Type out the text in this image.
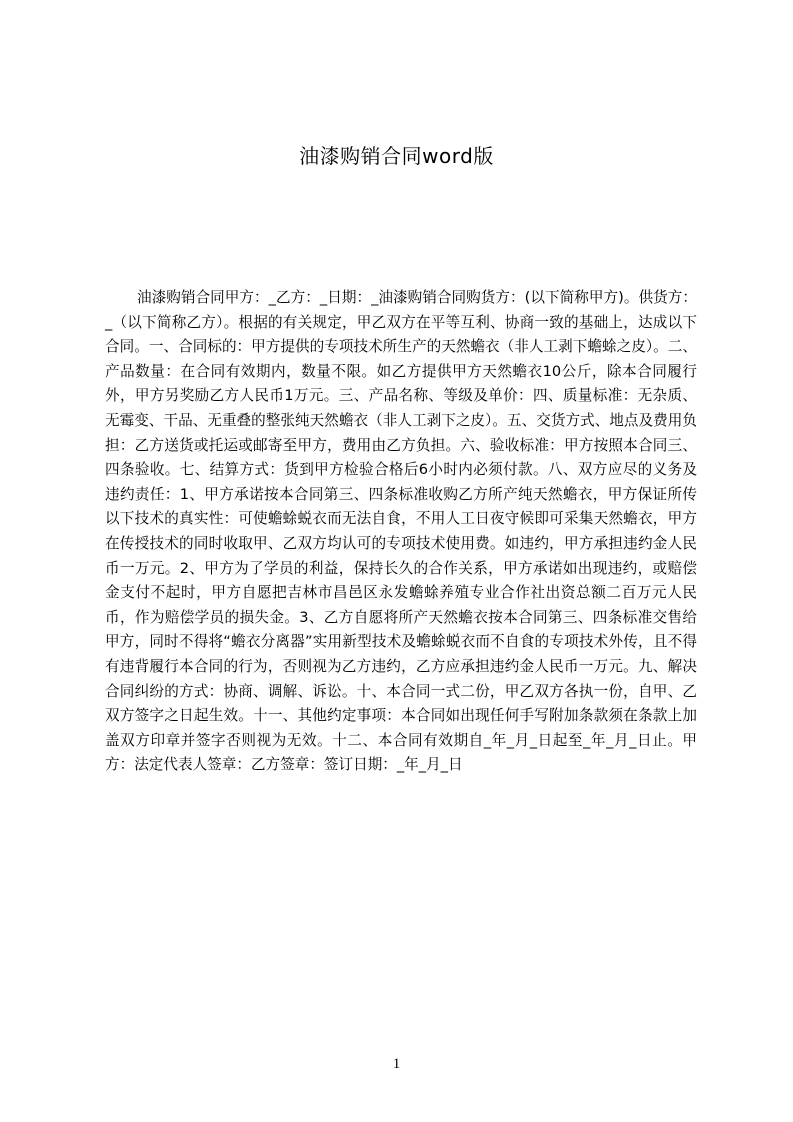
油漆购销合同word版
油漆购销合同甲方：_乙方：_日期：_油漆购销合同购货方：(以下简称甲方)。供货方：_（以下简称乙方）。根据的有关规定，甲乙双方在平等互利、协商一致的基础上，达成以下合同。一、合同标的：甲方提供的专项技术所生产的天然蟾衣（非人工剥下蟾蜍之皮）。二、产品数量：在合同有效期内，数量不限。如乙方提供甲方天然蟾衣10公斤，除本合同履行外，甲方另奖励乙方人民币1万元。三、产品名称、等级及单价：四、质量标准：无杂质、无霉变、干品、无重叠的整张纯天然蟾衣（非人工剥下之皮）。五、交货方式、地点及费用负担：乙方送货或托运或邮寄至甲方，费用由乙方负担。六、验收标准：甲方按照本合同三、四条验收。七、结算方式：货到甲方检验合格后6小时内必须付款。八、双方应尽的义务及违约责任：1、甲方承诺按本合同第三、四条标准收购乙方所产纯天然蟾衣，甲方保证所传以下技术的真实性：可使蟾蜍蜕衣而无法自食，不用人工日夜守候即可采集天然蟾衣，甲方在传授技术的同时收取甲、乙双方均认可的专项技术使用费。如违约，甲方承担违约金人民币一万元。2、甲方为了学员的利益，保持长久的合作关系，甲方承诺如出现违约，或赔偿金支付不起时，甲方自愿把吉林市昌邑区永发蟾蜍养殖专业合作社出资总额二百万元人民币，作为赔偿学员的损失金。3、乙方自愿将所产天然蟾衣按本合同第三、四条标准交售给甲方，同时不得将“蟾衣分离器”实用新型技术及蟾蜍蜕衣而不自食的专项技术外传，且不得有违背履行本合同的行为，否则视为乙方违约，乙方应承担违约金人民币一万元。九、解决合同纠纷的方式：协商、调解、诉讼。十、本合同一式二份，甲乙双方各执一份，自甲、乙双方签字之日起生效。十一、其他约定事项：本合同如出现任何手写附加条款须在条款上加盖双方印章并签字否则视为无效。十二、本合同有效期自_年_月_日起至_年_月_日止。甲方：法定代表人签章：乙方签章：签订日期：_年_月_日
1
